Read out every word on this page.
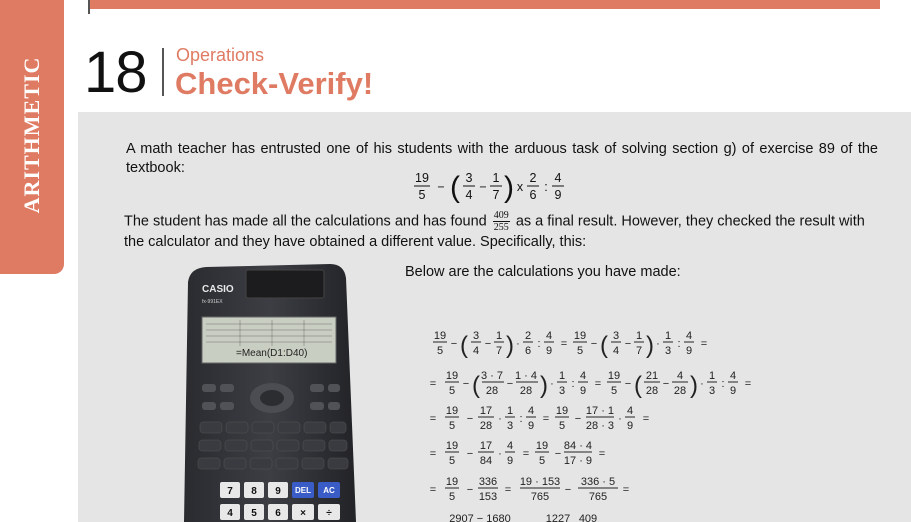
ARITHMETIC 18 Operations
Check-Verify!
A math teacher has entrusted one of his students with the arduous task of solving section g) of exercise 89 of the textbook:
19
5
− ( 3
4
−
1
7 ) x
2
6
:
4
9
The student has made all the calculations and has found $\frac{409}{255}$ as a final result. However, they checked the result with the calculator and they have obtained a different value. Specifically, this:
Below are the calculations you have made:
CASIO
fx-991EX
=Mean(D1:D40)
7 8 9 DEL AC
4 5 6 × ÷
19
5
− ( 3
4
−
1
7 ) ·
2
6
:
4
9
=
19
5
− ( 3
4
−
1
7 ) ·
1
3
:
4
9
=
=
19
5
− ( 3 · 7
28
−
1 · 4
28 ) ·
1
3
:
4
9
=
19
5
− ( 21
28
−
4
28 ) ·
1
3
:
4
9
=
=
19
5
−
17
28
·
1
3
:
4
9
=
19
5
−
17 · 1
28 · 3
·
4
9
=
=
19
5
−
17
84
·
4
9
=
19
5
−
84 · 4
17 · 9
=
=
19
5
−
336
153
=
19 · 153
765
−
336 · 5
765
=
2907 − 1680	1227 409
